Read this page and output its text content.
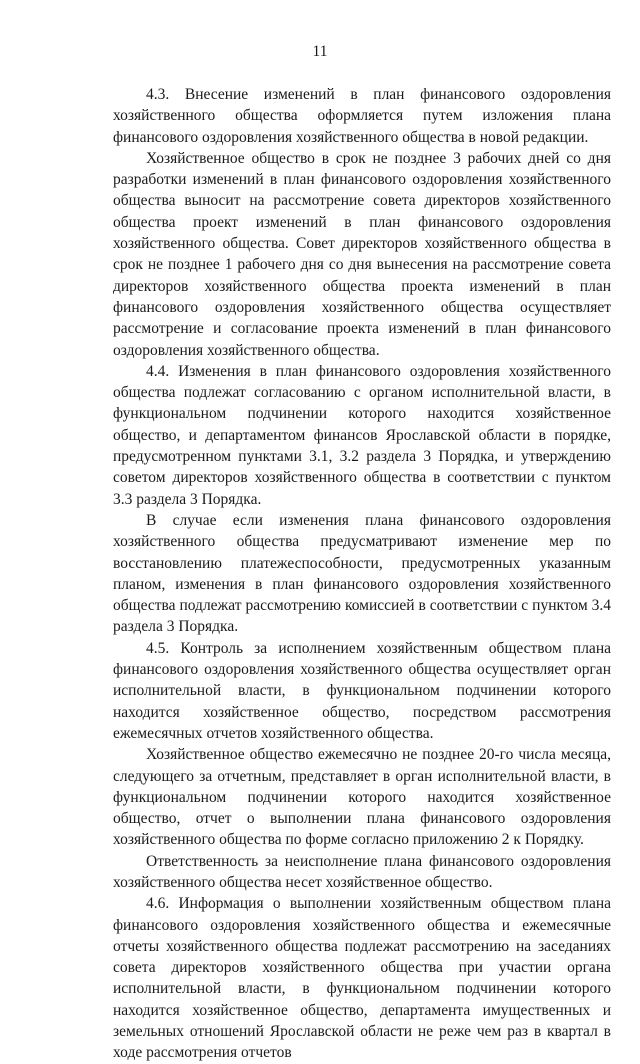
11

4.3. Внесение изменений в план финансового оздоровления хозяйственного общества оформляется путем изложения плана финансового оздоровления хозяйственного общества в новой редакции.

Хозяйственное общество в срок не позднее 3 рабочих дней со дня разработки изменений в план финансового оздоровления хозяйственного общества выносит на рассмотрение совета директоров хозяйственного общества проект изменений в план финансового оздоровления хозяйственного общества. Совет директоров хозяйственного общества в срок не позднее 1 рабочего дня со дня вынесения на рассмотрение совета директоров хозяйственного общества проекта изменений в план финансового оздоровления хозяйственного общества осуществляет рассмотрение и согласование проекта изменений в план финансового оздоровления хозяйственного общества.

4.4. Изменения в план финансового оздоровления хозяйственного общества подлежат согласованию с органом исполнительной власти, в функциональном подчинении которого находится хозяйственное общество, и департаментом финансов Ярославской области в порядке, предусмотренном пунктами 3.1, 3.2 раздела 3 Порядка, и утверждению советом директоров хозяйственного общества в соответствии с пунктом 3.3 раздела 3 Порядка.

В случае если изменения плана финансового оздоровления хозяйственного общества предусматривают изменение мер по восстановлению платежеспособности, предусмотренных указанным планом, изменения в план финансового оздоровления хозяйственного общества подлежат рассмотрению комиссией в соответствии с пунктом 3.4 раздела 3 Порядка.

4.5. Контроль за исполнением хозяйственным обществом плана финансового оздоровления хозяйственного общества осуществляет орган исполнительной власти, в функциональном подчинении которого находится хозяйственное общество, посредством рассмотрения ежемесячных отчетов хозяйственного общества.

Хозяйственное общество ежемесячно не позднее 20-го числа месяца, следующего за отчетным, представляет в орган исполнительной власти, в функциональном подчинении которого находится хозяйственное общество, отчет о выполнении плана финансового оздоровления хозяйственного общества по форме согласно приложению 2 к Порядку.

Ответственность за неисполнение плана финансового оздоровления хозяйственного общества несет хозяйственное общество.

4.6. Информация о выполнении хозяйственным обществом плана финансового оздоровления хозяйственного общества и ежемесячные отчеты хозяйственного общества подлежат рассмотрению на заседаниях совета директоров хозяйственного общества при участии органа исполнительной власти, в функциональном подчинении которого находится хозяйственное общество, департамента имущественных и земельных отношений Ярославской области не реже чем раз в квартал в ходе рассмотрения отчетов
